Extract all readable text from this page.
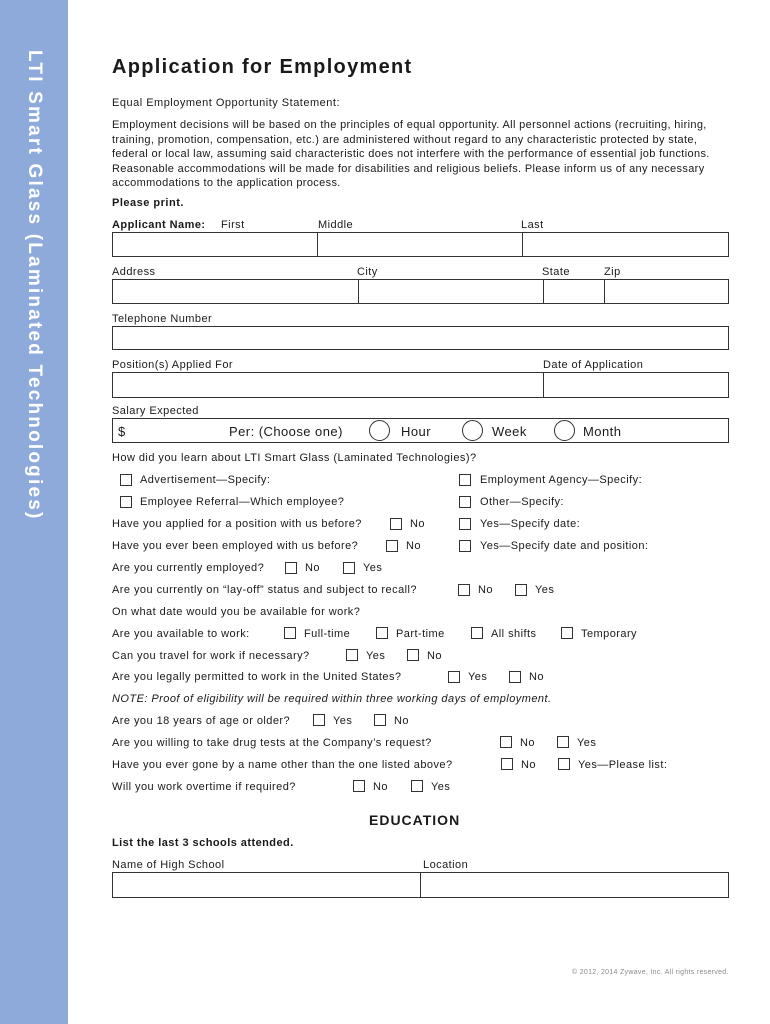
LTI Smart Glass (Laminated Technologies)	Application for Employment
Equal Employment Opportunity Statement:
Employment decisions will be based on the principles of equal opportunity. All personnel actions (recruiting, hiring, training, promotion, compensation, etc.) are administered without regard to any characteristic protected by state, federal or local law, assuming said characteristic does not interfere with the performance of essential job functions. Reasonable accommodations will be made for disabilities and religious beliefs. Please inform us of any necessary accommodations to the application process.
Please print.
Applicant Name: First	Middle	Last
Address	City	State	Zip
Telephone Number
Position(s) Applied For	Date of Application
Salary Expected
$	Per: (Choose one)	Hour	Week	Month
How did you learn about LTI Smart Glass (Laminated Technologies)?
Advertisement—Specify:	Employment Agency—Specify:
Employee Referral—Which employee?	Other—Specify:
Have you applied for a position with us before?	No	Yes—Specify date:
Have you ever been employed with us before?	No	Yes—Specify date and position:
Are you currently employed?	No	Yes
Are you currently on “lay-off” status and subject to recall?	No	Yes
On what date would you be available for work?
Are you available to work:	Full-time	Part-time	All shifts	Temporary
Can you travel for work if necessary?	Yes	No
Are you legally permitted to work in the United States?	Yes	No
NOTE: Proof of eligibility will be required within three working days of employment.
Are you 18 years of age or older?	Yes	No
Are you willing to take drug tests at the Company’s request?	No	Yes
Have you ever gone by a name other than the one listed above?	No	Yes—Please list:
Will you work overtime if required?	No	Yes
EDUCATION
List the last 3 schools attended.
Name of High School	Location
© 2012, 2014 Zywave, Inc. All rights reserved.
